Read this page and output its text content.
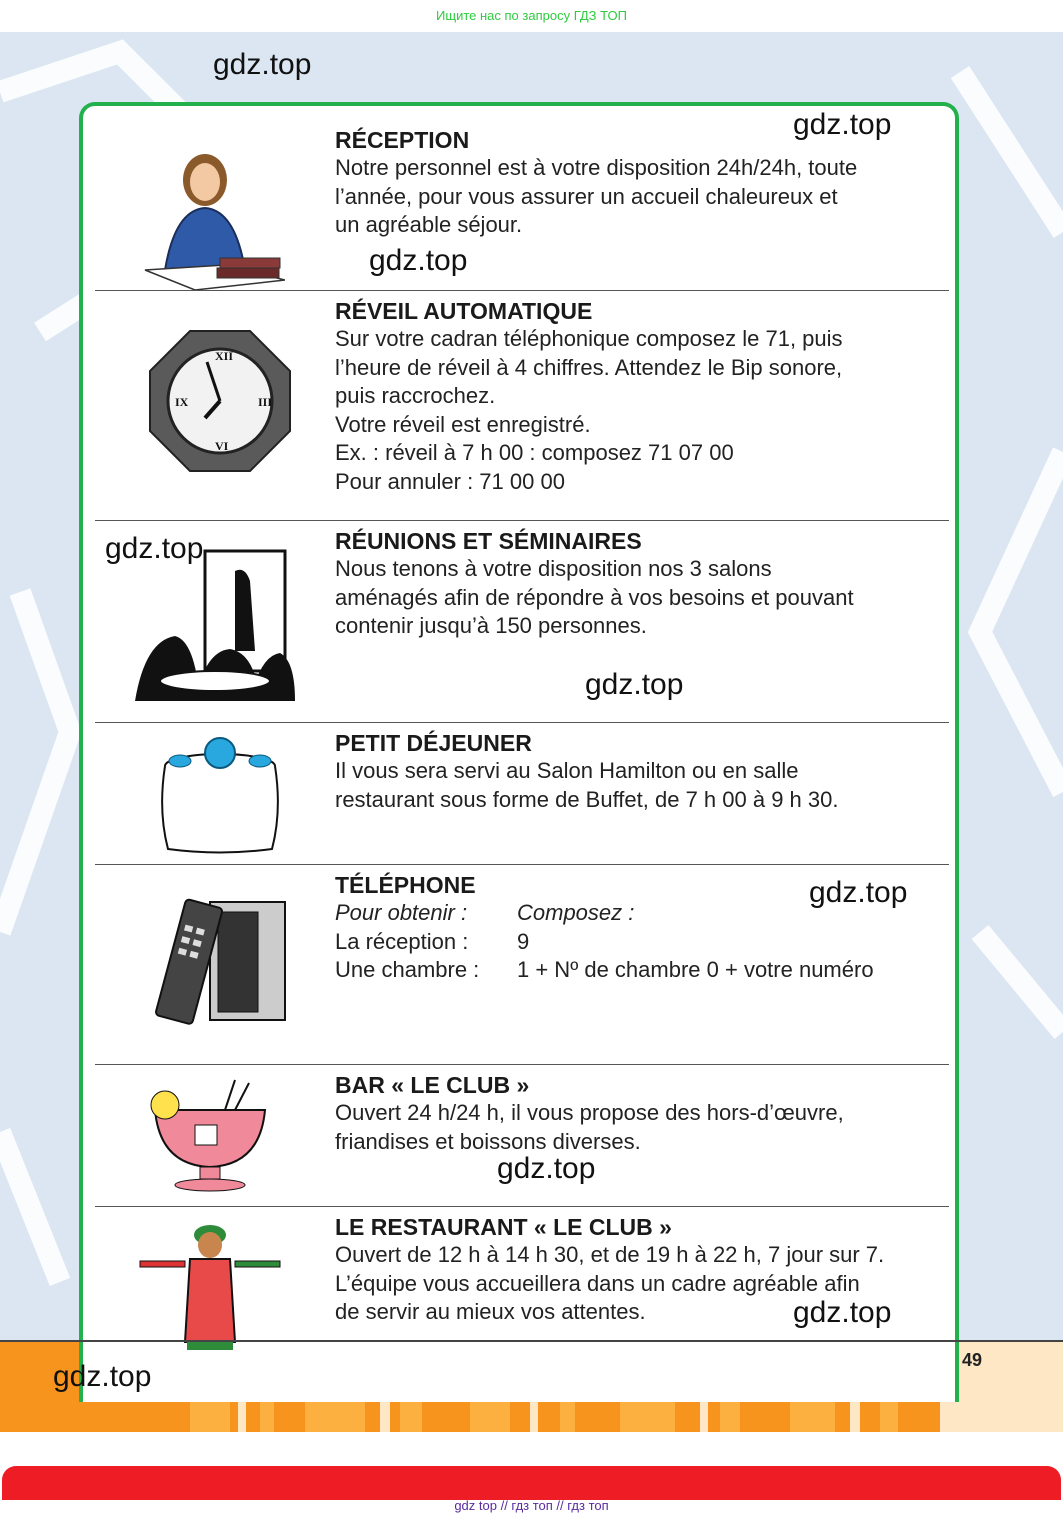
Ищите нас по запросу ГДЗ ТОП
RÉCEPTION
Notre personnel est à votre disposition 24h/24h, toute
l’année, pour vous assurer un accueil chaleureux et
un agréable séjour.
XII
III
VI
IX
RÉVEIL AUTOMATIQUE
Sur votre cadran téléphonique composez le 71, puis
l’heure de réveil à 4 chiffres. Attendez le Bip sonore,
puis raccrochez.
Votre réveil est enregistré.
Ex. : réveil à 7 h 00 : composez 71 07 00
Pour annuler : 71 00 00
RÉUNIONS ET SÉMINAIRES
Nous tenons à votre disposition nos 3 salons
aménagés afin de répondre à vos besoins et pouvant
contenir jusqu’à 150 personnes.
PETIT DÉJEUNER
Il vous sera servi au Salon Hamilton ou en salle
restaurant sous forme de Buffet, de 7 h 00 à 9 h 30.
TÉLÉPHONE
Pour obtenir :	Composez :
La réception :	9
Une chambre :	1 + Nº de chambre 0 + votre numéro
BAR « LE CLUB »
Ouvert 24 h/24 h, il vous propose des hors-d’œuvre,
friandises et boissons diverses.
LE RESTAURANT « LE CLUB »
Ouvert de 12 h à 14 h 30, et de 19 h à 22 h, 7 jour sur 7.
L’équipe vous accueillera dans un cadre agréable afin
de servir au mieux vos attentes.
49
gdz.top
gdz.top
gdz.top
gdz.top
gdz.top
gdz.top
gdz.top
gdz.top
gdz.top
gdz top // гдз топ // гдз топ
